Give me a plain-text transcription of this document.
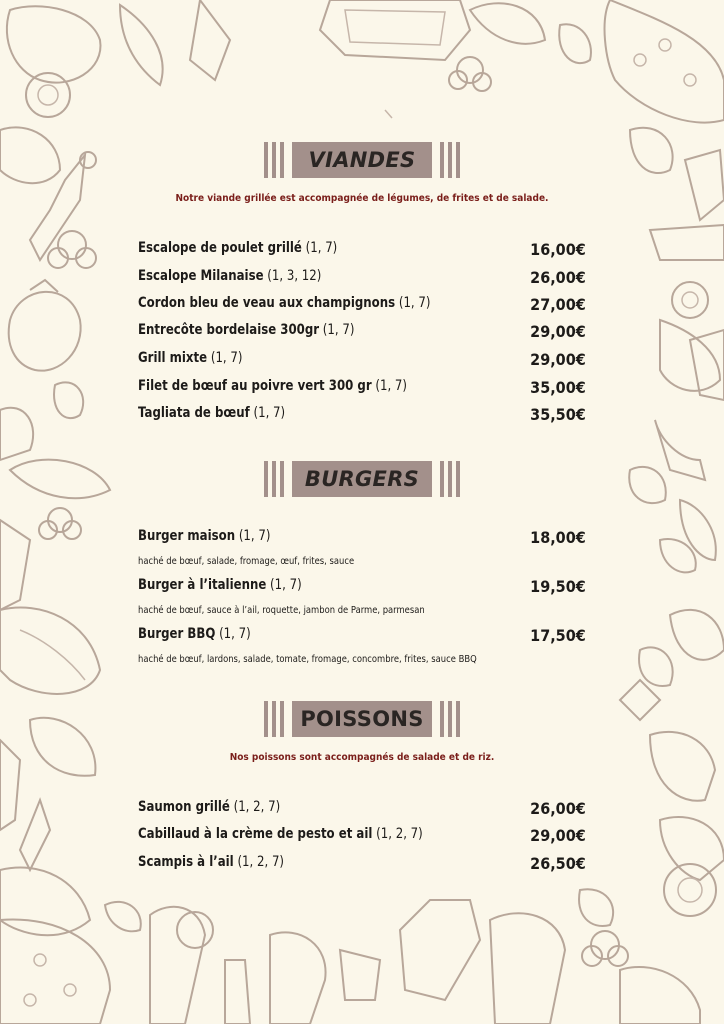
VIANDES
Notre viande grillée est accompagnée de légumes, de frites et de salade.
Escalope de poulet grillé (1, 7)	16,00€
Escalope Milanaise (1, 3, 12)	26,00€
Cordon bleu de veau aux champignons (1, 7)	27,00€
Entrecôte bordelaise 300gr (1, 7)	29,00€
Grill mixte (1, 7)	29,00€
Filet de bœuf au poivre vert 300 gr (1, 7)	35,00€
Tagliata de bœuf (1, 7)	35,50€
BURGERS
Burger maison (1, 7)	18,00€
haché de bœuf, salade, fromage, œuf, frites, sauce
Burger à l’italienne (1, 7)	19,50€
haché de bœuf, sauce à l’ail, roquette, jambon de Parme, parmesan
Burger BBQ (1, 7)	17,50€
haché de bœuf, lardons, salade, tomate, fromage, concombre, frites, sauce BBQ
POISSONS
Nos poissons sont accompagnés de salade et de riz.
Saumon grillé (1, 2, 7)	26,00€
Cabillaud à la crème de pesto et ail (1, 2, 7)	29,00€
Scampis à l’ail (1, 2, 7)	26,50€
